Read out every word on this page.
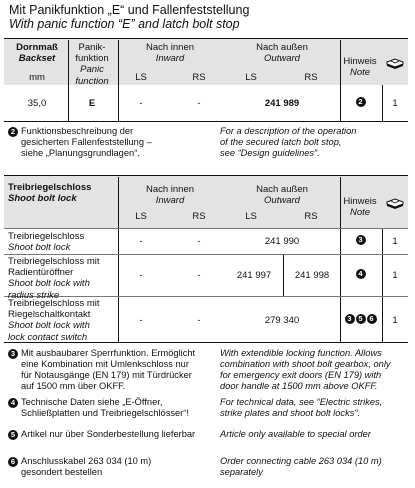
Mit Panikfunktion „E“ und Fallenfeststellung
With panic function “E” and latch bolt stop
Dornmaß
Backset
mm
Panik-
funktion
Panic
function
Nach innen
Inward
LS	RS
Nach außen
Outward
LS	RS
Hinweis
Note
35,0	E	-	-	241 989	2	1
2 Funktionsbeschreibung der
gesicherten Fallenfeststellung –
siehe „Planungsgrundlagen“.
For a description of the operation
of the secured latch bolt stop,
see “Design guidelines”.
Treibriegelschloss
Shoot bolt lock
Nach innen
Inward
LS	RS
Nach außen
Outward
LS	RS
Hinweis
Note
Treibriegelschloss
Shoot bolt lock
-	-	241 990	3	1
Treibriegelschloss mit
Radientüröffner
Shoot bolt lock with
radius strike
-	-	241 997	241 998	4	1
Treibriegelschloss mit
Riegelschaltkontakt
Shoot bolt lock with
lock contact switch
-	-	279 340	3 5 6	1
3 Mit ausbaubarer Sperrfunktion. Ermöglicht
eine Kombination mit Umlenkschloss nur
für Notausgänge (EN 179) mit Türdrücker
auf 1500 mm über OKFF.
With extendible locking function. Allows
combination with shoot bolt gearbox, only
for emergency exit doors (EN 179) with
door handle at 1500 mm above OKFF.
4 Technische Daten siehe „E-Öffner,
Schließplatten und Treibriegelschlösser“!
For technical data, see “Electric strikes,
strike plates and shoot bolt locks”.
5 Artikel nur über Sonderbestellung lieferbar	Article only available to special order
6 Anschlusskabel 263 034 (10 m)
gesondert bestellen
Order connecting cable 263 034 (10 m)
separately
